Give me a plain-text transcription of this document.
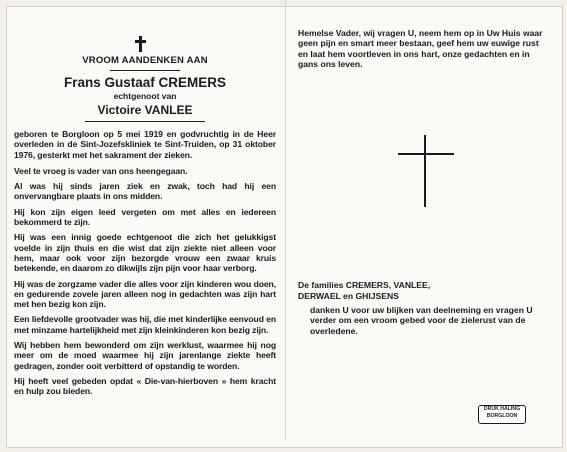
VROOM AANDENKEN AAN

Frans Gustaaf CREMERS

echtgenoot van

Victoire VANLEE

geboren te Borgloon op 5 mei 1919 en godvruchtig in de Heer overleden in de Sint-Jozefskliniek te Sint-Truiden, op 31 oktober 1976, gesterkt met het sakrament der zieken.

Veel te vroeg is vader van ons heengegaan.

Al was hij sinds jaren ziek en zwak, toch had hij een onvervangbare plaats in ons midden.

Hij kon zijn eigen leed vergeten om met alles en iedereen bekommerd te zijn.

Hij was een innig goede echtgenoot die zich het gelukkigst voelde in zijn thuis en die wist dat zijn ziekte niet alleen voor hem, maar ook voor zijn bezorgde vrouw een zwaar kruis betekende, en daarom zo dikwijls zijn pijn voor haar verborg.

Hij was de zorgzame vader die alles voor zijn kinderen wou doen, en gedurende zovele jaren alleen nog in gedachten was zijn hart met hen bezig kon zijn.

Een liefdevolle grootvader was hij, die met kinderlijke eenvoud en met minzame hartelijkheid met zijn kleinkinderen kon bezig zijn.

Wij hebben hem bewonderd om zijn werklust, waarmee hij nog meer om de moed waarmee hij zijn jarenlange ziekte heeft gedragen, zonder ooit verbitterd of opstandig te worden.

Hij heeft veel gebeden opdat « Die-van-hierboven » hem kracht en hulp zou bieden.

Hemelse Vader, wij vragen U, neem hem op in Uw Huis waar geen pijn en smart meer bestaan, geef hem uw euwige rust en laat hem voortleven in ons hart, onze gedachten en in gans ons leven.

De families CREMERS, VANLEE,

DERWAEL en GHIJSENS

danken U voor uw blijken van deelneming en vragen U verder om een vroom gebed voor de zielerust van de overledene.

DRUK HALING
BORGLOON
